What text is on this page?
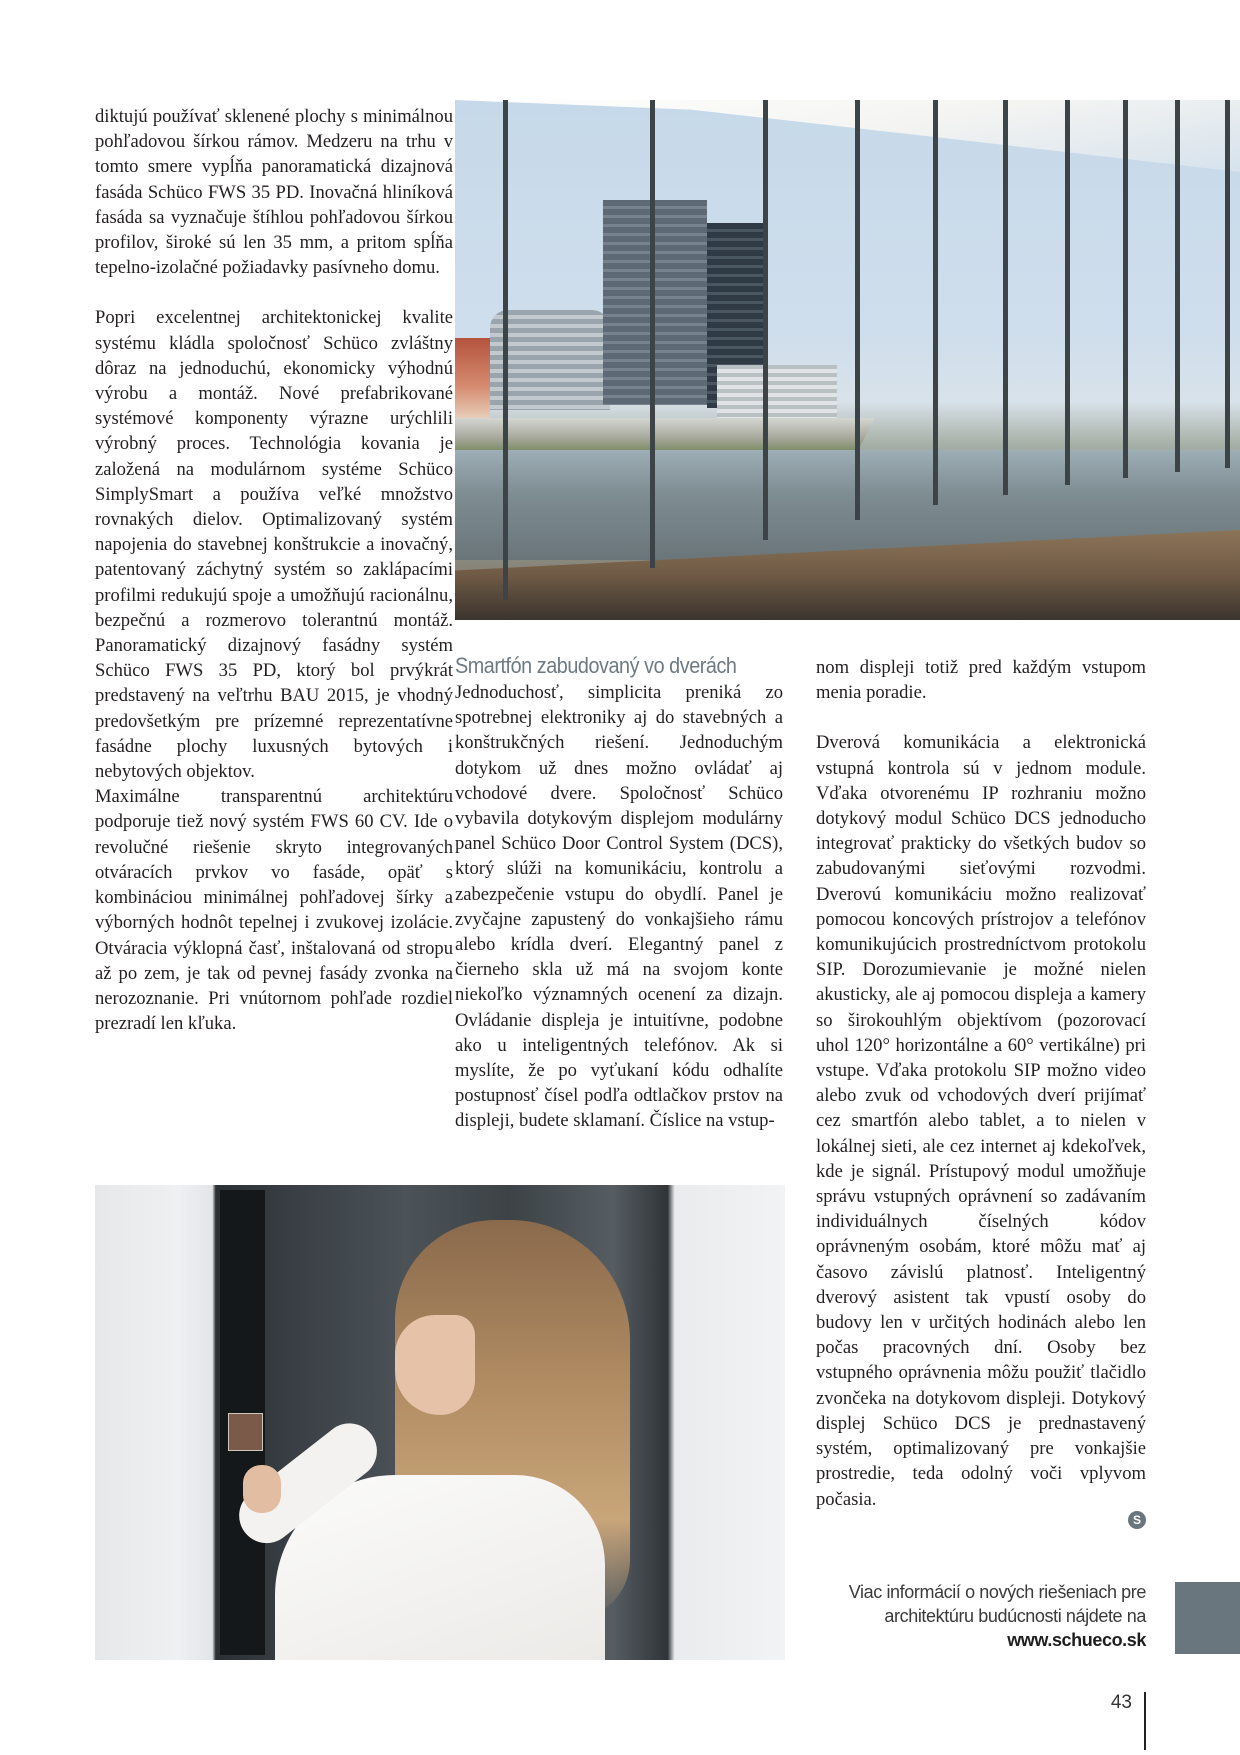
diktujú používať sklenené plochy s minimálnou pohľadovou šírkou rámov. Medzeru na trhu v tomto smere vypĺňa panoramatická dizajnová fasáda Schüco FWS 35 PD. Inovačná hliníková fasáda sa vyznačuje štíhlou pohľadovou šírkou profilov, široké sú len 35 mm, a pritom spĺňa tepelno-izolačné požiadavky pasívneho domu.

Popri excelentnej architektonickej kvalite systému kládla spoločnosť Schüco zvláštny dôraz na jednoduchú, ekonomicky výhodnú výrobu a montáž. Nové prefabrikované systémové komponenty výrazne urýchlili výrobný proces. Technológia kovania je založená na modulárnom systéme Schüco SimplySmart a používa veľké množstvo rovnakých dielov. Optimalizovaný systém napojenia do stavebnej konštrukcie a inovačný, patentovaný záchytný systém so zaklápacími profilmi redukujú spoje a umožňujú racionálnu, bezpečnú a rozmerovo tolerantnú montáž. Panoramatický dizajnový fasádny systém Schüco FWS 35 PD, ktorý bol prvýkrát predstavený na veľtrhu BAU 2015, je vhodný predovšetkým pre prízemné reprezentatívne fasádne plochy luxusných bytových i nebytových objektov.

Maximálne transparentnú architektúru podporuje tiež nový systém FWS 60 CV. Ide o revolučné riešenie skryto integrovaných otváracích prvkov vo fasáde, opäť s kombináciou minimálnej pohľadovej šírky a výborných hodnôt tepelnej i zvukovej izolácie. Otváracia výklopná časť, inštalovaná od stropu až po zem, je tak od pevnej fasády zvonka na nerozoznanie. Pri vnútornom pohľade rozdiel prezradí len kľuka.

Smartfón zabudovaný vo dverách

Jednoduchosť, simplicita preniká zo spotrebnej elektroniky aj do stavebných a konštrukčných riešení. Jednoduchým dotykom už dnes možno ovládať aj vchodové dvere. Spoločnosť Schüco vybavila dotykovým displejom modulárny panel Schüco Door Control System (DCS), ktorý slúži na komunikáciu, kontrolu a zabezpečenie vstupu do obydlí. Panel je zvyčajne zapustený do vonkajšieho rámu alebo krídla dverí. Elegantný panel z čierneho skla už má na svojom konte niekoľko významných ocenení za dizajn. Ovládanie displeja je intuitívne, podobne ako u inteligentných telefónov. Ak si myslíte, že po vyťukaní kódu odhalíte postupnosť čísel podľa odtlačkov prstov na displeji, budete sklamaní. Číslice na vstup-

nom displeji totiž pred každým vstupom menia poradie.

Dverová komunikácia a elektronická vstupná kontrola sú v jednom module. Vďaka otvorenému IP rozhraniu možno dotykový modul Schüco DCS jednoducho integrovať prakticky do všetkých budov so zabudovanými sieťovými rozvodmi. Dverovú komunikáciu možno realizovať pomocou koncových prístrojov a telefónov komunikujúcich prostredníctvom protokolu SIP. Dorozumievanie je možné nielen akusticky, ale aj pomocou displeja a kamery so širokouhlým objektívom (pozorovací uhol 120° horizontálne a 60° vertikálne) pri vstupe. Vďaka protokolu SIP možno video alebo zvuk od vchodových dverí prijímať cez smartfón alebo tablet, a to nielen v lokálnej sieti, ale cez internet aj kdekoľvek, kde je signál. Prístupový modul umožňuje správu vstupných oprávnení so zadávaním individuálnych číselných kódov oprávneným osobám, ktoré môžu mať aj časovo závislú platnosť. Inteligentný dverový asistent tak vpustí osoby do budovy len v určitých hodinách alebo len počas pracovných dní. Osoby bez vstupného oprávnenia môžu použiť tlačidlo zvončeka na dotykovom displeji. Dotykový displej Schüco DCS je prednastavený systém, optimalizovaný pre vonkajšie prostredie, teda odolný voči vplyvom počasia.

S
Viac informácií o nových riešeniach pre
architektúru budúcnosti nájdete na
www.schueco.sk
43
